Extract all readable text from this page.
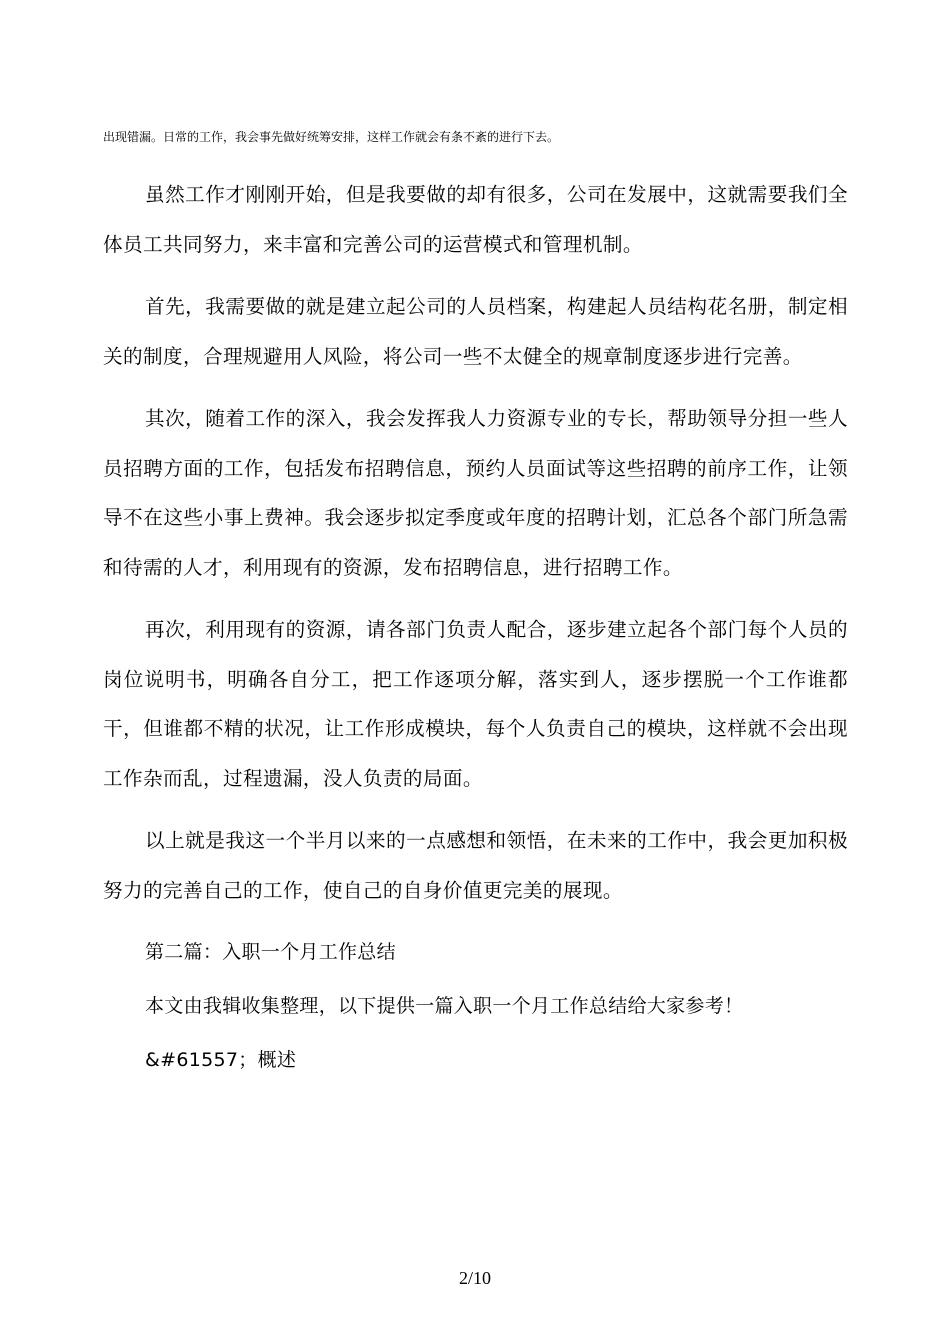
出现错漏。日常的工作，我会事先做好统筹安排，这样工作就会有条不紊的进行下去。

虽然工作才刚刚开始，但是我要做的却有很多，公司在发展中，这就需要我们全体员工共同努力，来丰富和完善公司的运营模式和管理机制。

首先，我需要做的就是建立起公司的人员档案，构建起人员结构花名册，制定相关的制度，合理规避用人风险，将公司一些不太健全的规章制度逐步进行完善。

其次，随着工作的深入，我会发挥我人力资源专业的专长，帮助领导分担一些人员招聘方面的工作，包括发布招聘信息，预约人员面试等这些招聘的前序工作，让领导不在这些小事上费神。我会逐步拟定季度或年度的招聘计划，汇总各个部门所急需和待需的人才，利用现有的资源，发布招聘信息，进行招聘工作。

再次，利用现有的资源，请各部门负责人配合，逐步建立起各个部门每个人员的岗位说明书，明确各自分工，把工作逐项分解，落实到人，逐步摆脱一个工作谁都干，但谁都不精的状况，让工作形成模块，每个人负责自己的模块，这样就不会出现工作杂而乱，过程遗漏，没人负责的局面。

以上就是我这一个半月以来的一点感想和领悟，在未来的工作中，我会更加积极努力的完善自己的工作，使自己的自身价值更完美的展现。

第二篇：入职一个月工作总结

本文由我辑收集整理，以下提供一篇入职一个月工作总结给大家参考！

&#61557；概述

2/10
